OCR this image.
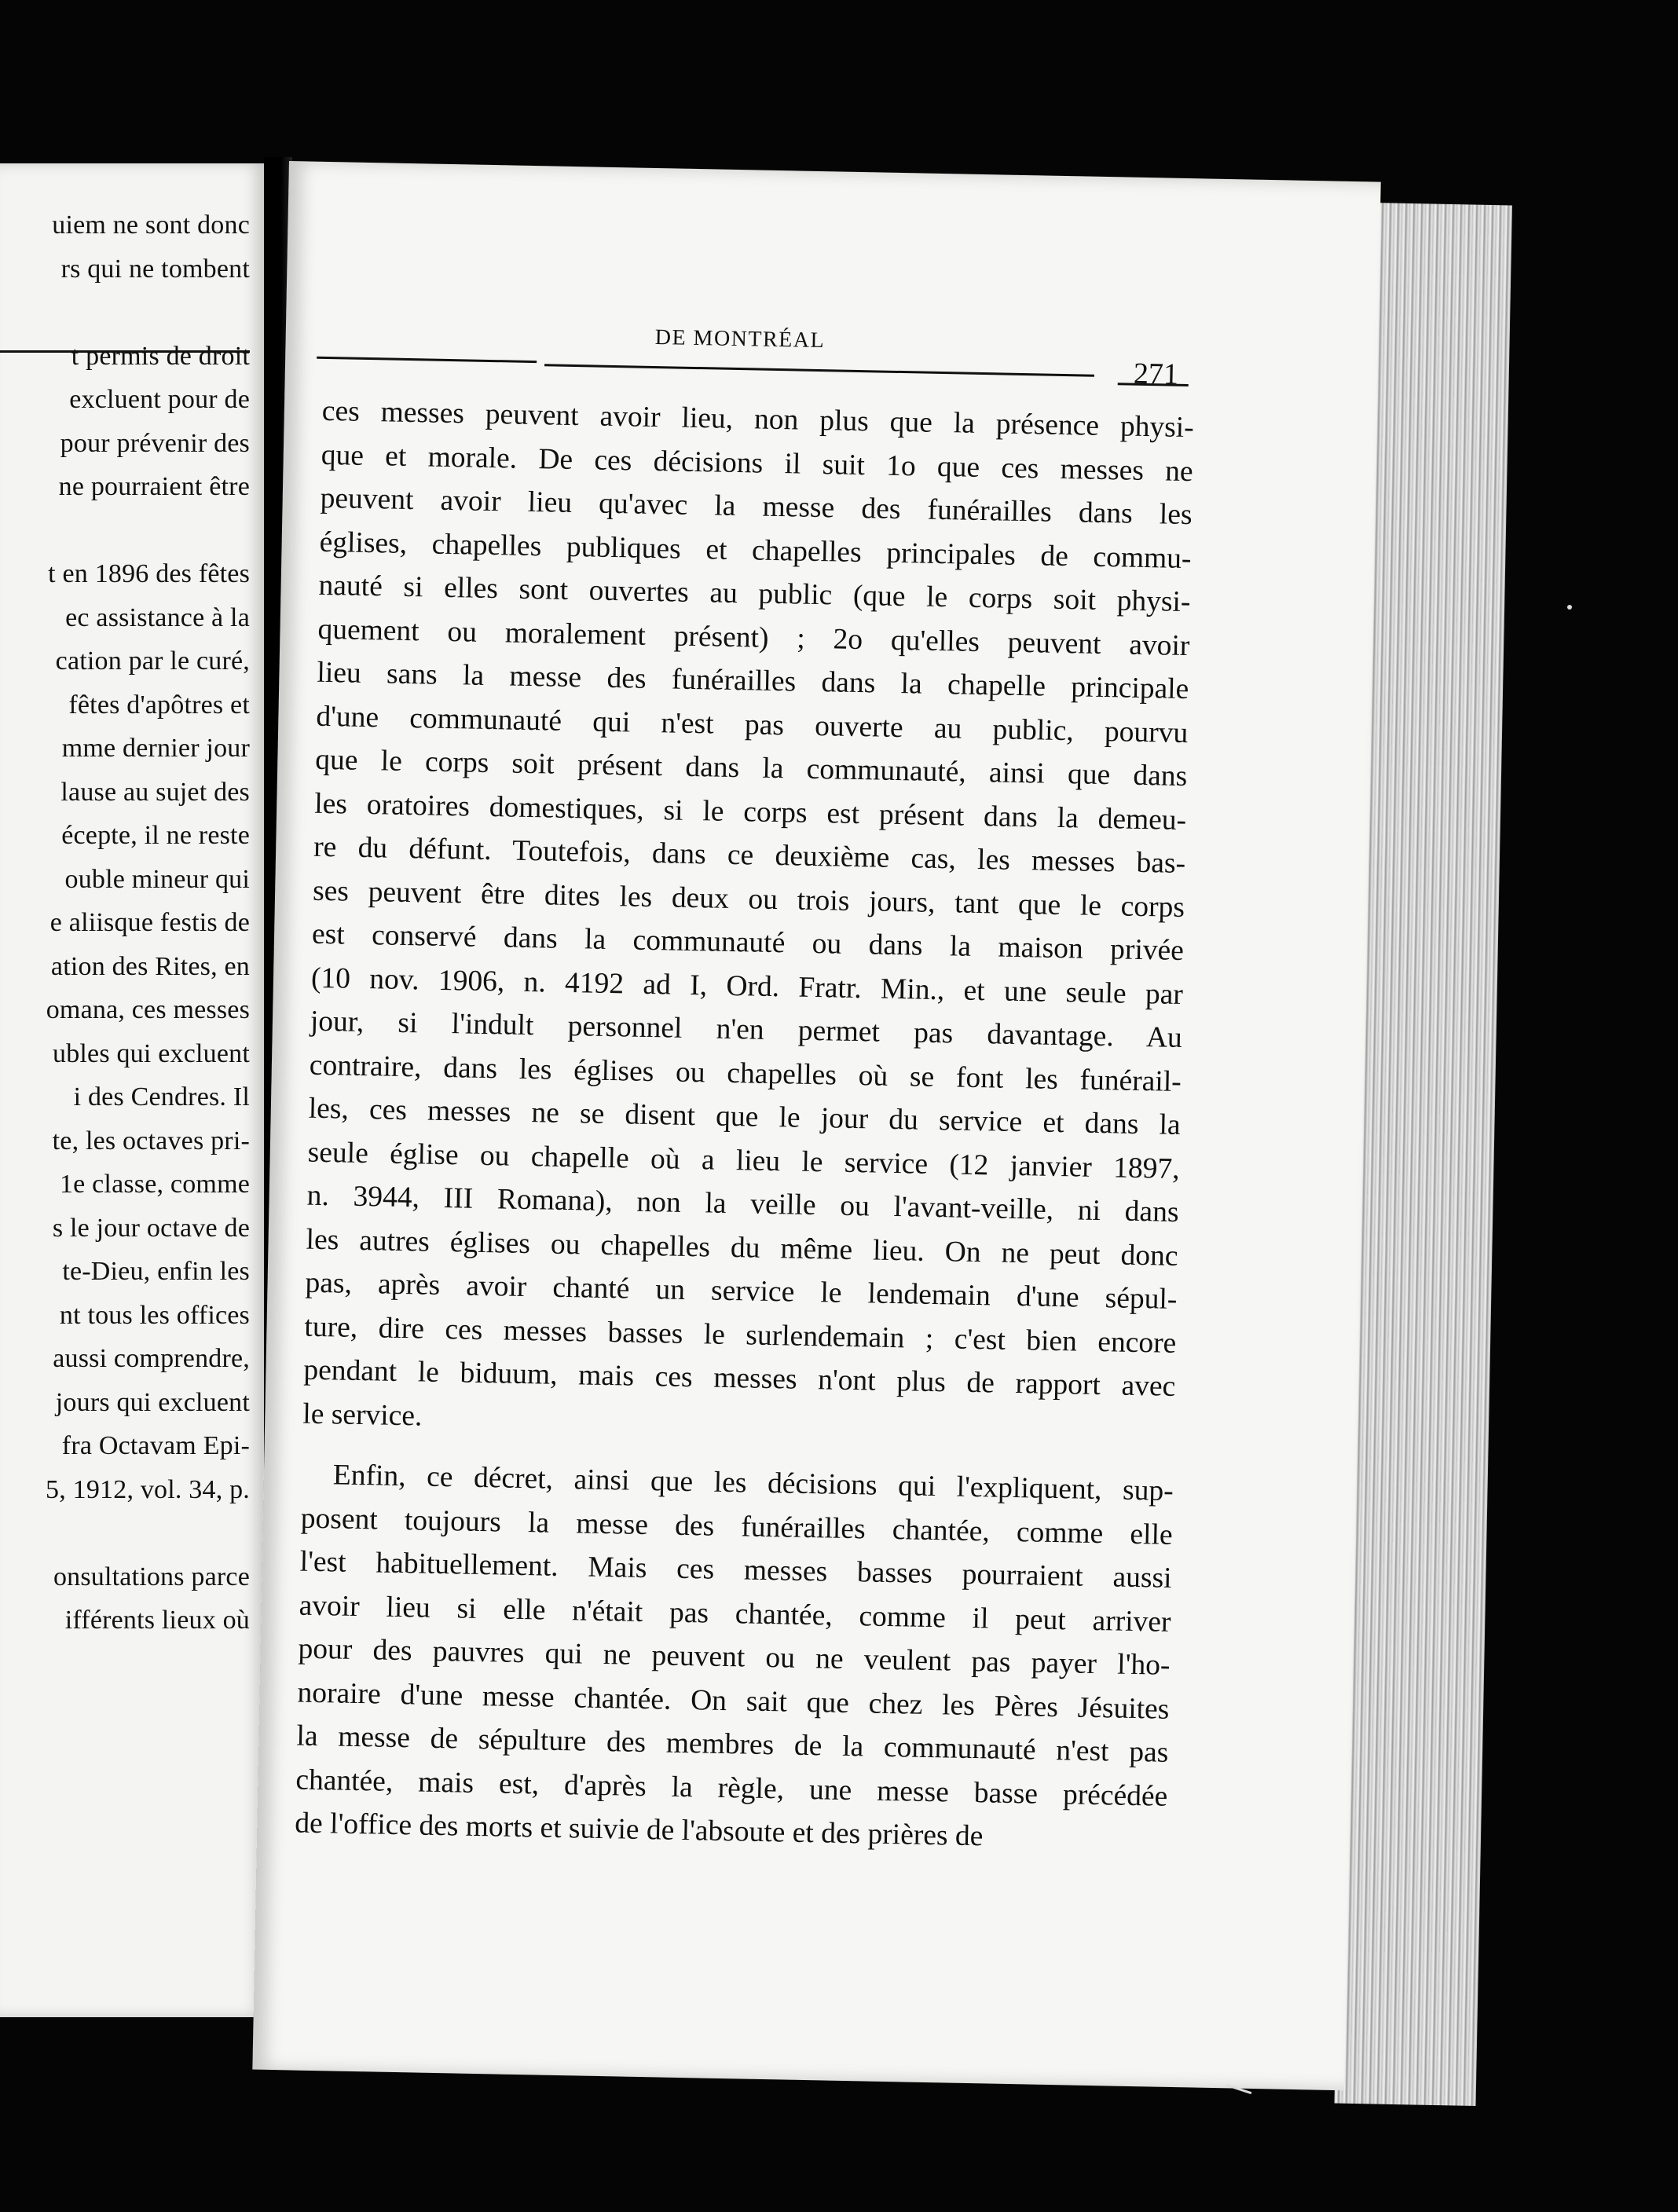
uiem ne sont donc
rs qui ne tombent
t permis de droit
excluent pour de
pour prévenir des
ne pourraient être
t en 1896 des fêtes
ec assistance à la
cation par le curé,
fêtes d'apôtres et
mme dernier jour
lause au sujet des
écepte, il ne reste
ouble mineur qui
e aliisque festis de
ation des Rites, en
omana, ces messes
ubles qui excluent
i des Cendres. Il
te, les octaves pri-
1e classe, comme
s le jour octave de
te-Dieu, enfin les
nt tous les offices
aussi comprendre,
jours qui excluent
fra Octavam Epi-
5, 1912, vol. 34, p.
onsultations parce
ifférents lieux où
DE MONTRÉAL
271
ces messes peuvent avoir lieu, non plus que la présence physi-
que et morale. De ces décisions il suit 1o que ces messes ne
peuvent avoir lieu qu'avec la messe des funérailles dans les
églises, chapelles publiques et chapelles principales de commu-
nauté si elles sont ouvertes au public (que le corps soit physi-
quement ou moralement présent) ; 2o qu'elles peuvent avoir
lieu sans la messe des funérailles dans la chapelle principale
d'une communauté qui n'est pas ouverte au public, pourvu
que le corps soit présent dans la communauté, ainsi que dans
les oratoires domestiques, si le corps est présent dans la demeu-
re du défunt. Toutefois, dans ce deuxième cas, les messes bas-
ses peuvent être dites les deux ou trois jours, tant que le corps
est conservé dans la communauté ou dans la maison privée
(10 nov. 1906, n. 4192 ad I, Ord. Fratr. Min., et une seule par
jour, si l'indult personnel n'en permet pas davantage. Au
contraire, dans les églises ou chapelles où se font les funérail-
les, ces messes ne se disent que le jour du service et dans la
seule église ou chapelle où a lieu le service (12 janvier 1897,
n. 3944, III Romana), non la veille ou l'avant-veille, ni dans
les autres églises ou chapelles du même lieu. On ne peut donc
pas, après avoir chanté un service le lendemain d'une sépul-
ture, dire ces messes basses le surlendemain ; c'est bien encore
pendant le biduum, mais ces messes n'ont plus de rapport avec
le service.
Enfin, ce décret, ainsi que les décisions qui l'expliquent, sup-
posent toujours la messe des funérailles chantée, comme elle
l'est habituellement. Mais ces messes basses pourraient aussi
avoir lieu si elle n'était pas chantée, comme il peut arriver
pour des pauvres qui ne peuvent ou ne veulent pas payer l'ho-
noraire d'une messe chantée. On sait que chez les Pères Jésuites
la messe de sépulture des membres de la communauté n'est pas
chantée, mais est, d'après la règle, une messe basse précédée
de l'office des morts et suivie de l'absoute et des prières de
